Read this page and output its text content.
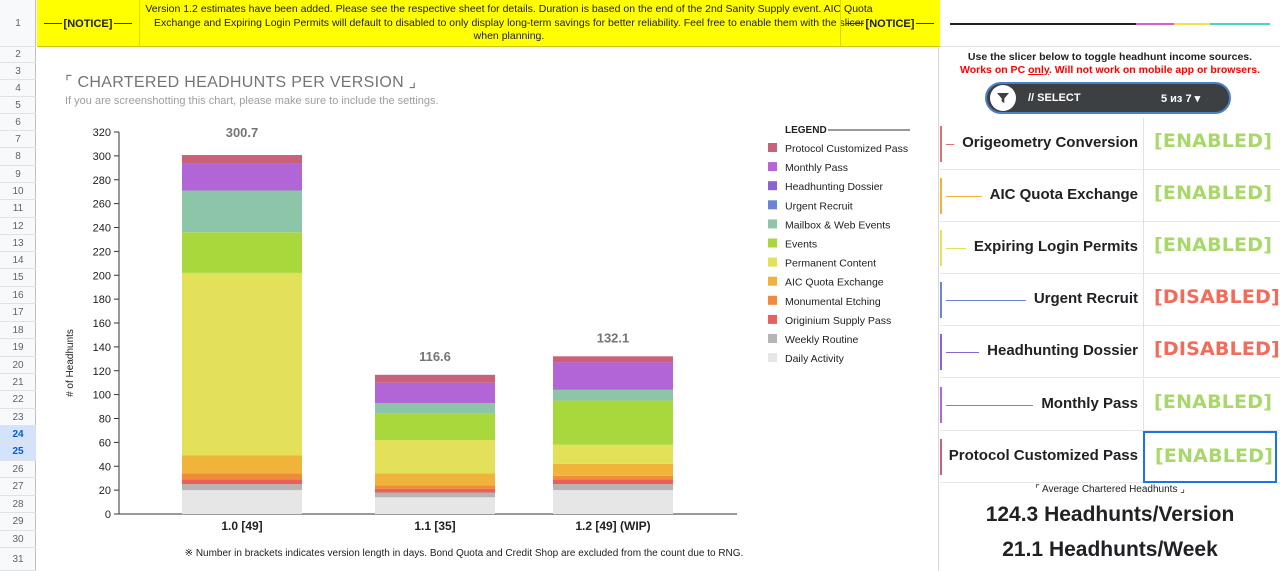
1
2
3
4
5
6
7
8
9
10
11
12
13
14
15
16
17
18
19
20
21
22
23
24
25
26
27
28
29
30
31
[NOTICE]
Version 1.2 estimates have been added. Please see the respective sheet for details. Duration is based on the end of the 2nd Sanity Supply event. AIC Quota Exchange and Expiring Login Permits will default to disabled to only display long-term savings for better reliability. Feel free to enable them with the slicer when planning.
[NOTICE]
⌜ CHARTERED HEADHUNTS PER VERSION ⌟
If you are screenshotting this chart, please make sure to include the settings.
0
20
40
60
80
100
120
140
160
180
200
220
240
260
280
300
320
# of Headhunts
300.7
1.0 [49]
116.6
1.1 [35]
132.1
1.2 [49] (WIP)
LEGEND
Protocol Customized Pass
Monthly Pass
Headhunting Dossier
Urgent Recruit
Mailbox & Web Events
Events
Permanent Content
AIC Quota Exchange
Monumental Etching
Originium Supply Pass
Weekly Routine
Daily Activity
※ Number in brackets indicates version length in days. Bond Quota and Credit Shop are excluded from the count due to RNG.
Use the slicer below to toggle headhunt income sources.
Works on PC only. Will not work on mobile app or browsers.
// SELECT	5 из 7 ▾
Origeometry Conversion [ENABLED]
AIC Quota Exchange [ENABLED]
Expiring Login Permits [ENABLED]
Urgent Recruit [DISABLED]
Headhunting Dossier [DISABLED]
Monthly Pass [ENABLED]
Protocol Customized Pass [ENABLED]
⌜ Average Chartered Headhunts ⌟
124.3 Headhunts/Version
21.1 Headhunts/Week
